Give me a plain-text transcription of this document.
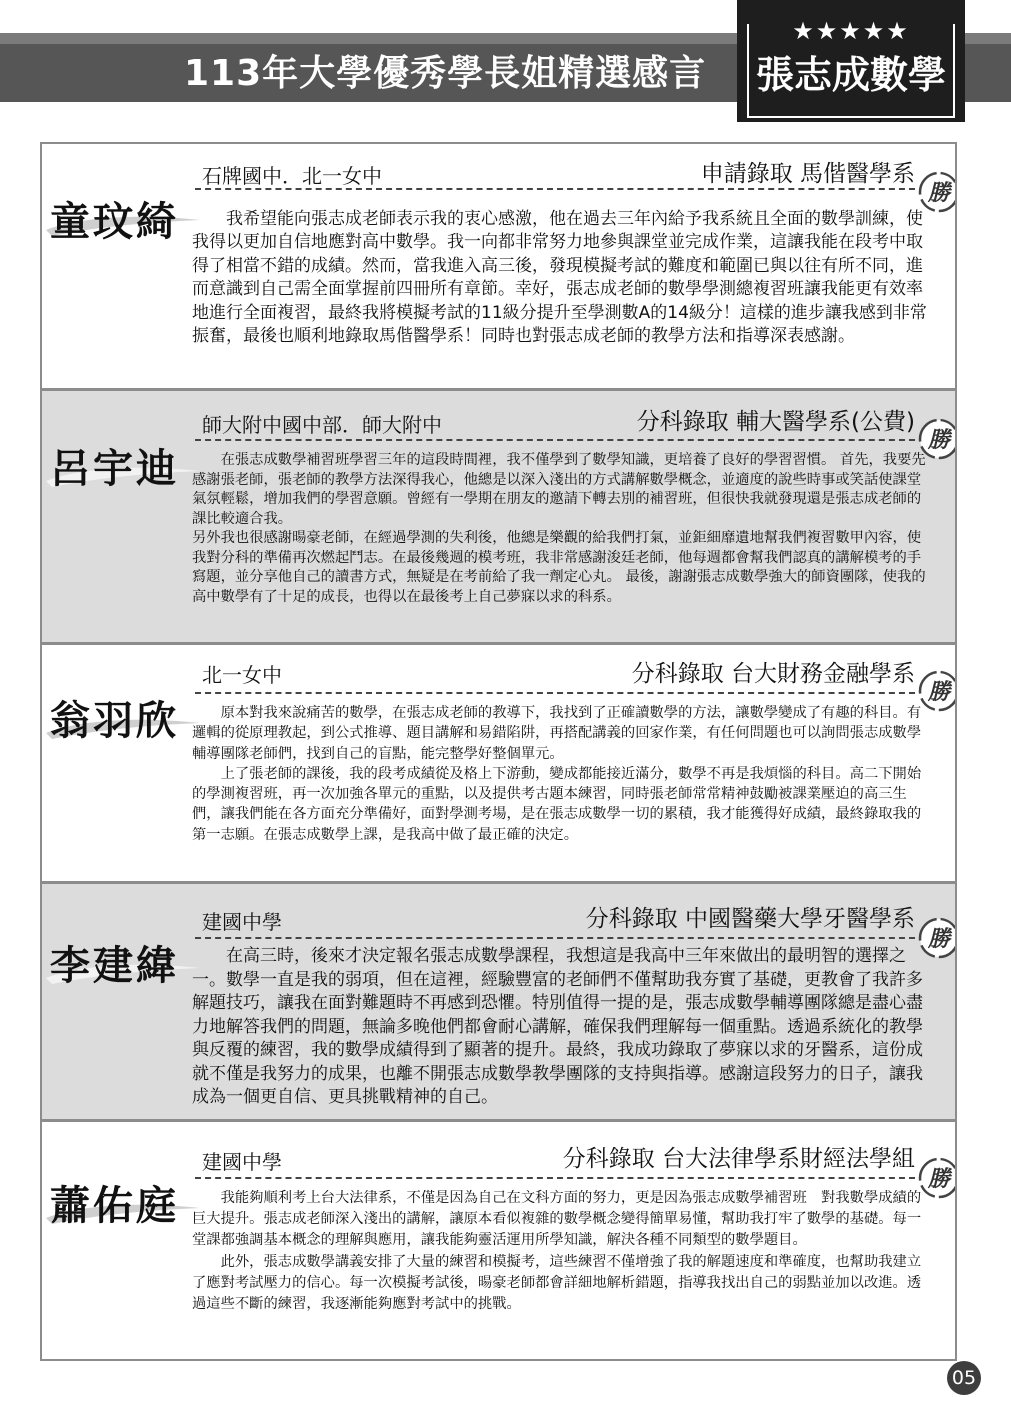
113年大學優秀學長姐精選感言
★★★★★
張志成數學
石牌國中．北一女中	申請錄取 馬偕醫學系
童玟綺
勝

　　我希望能向張志成老師表示我的衷心感激，他在過去三年內給予我系統且全面的數學訓練，使我得以更加自信地應對高中數學。我一向都非常努力地參與課堂並完成作業，這讓我能在段考中取得了相當不錯的成績。然而，當我進入高三後，發現模擬考試的難度和範圍已與以往有所不同，進而意識到自己需全面掌握前四冊所有章節。幸好，張志成老師的數學學測總複習班讓我能更有效率地進行全面複習，最終我將模擬考試的11級分提升至學測數A的14級分！這樣的進步讓我感到非常振奮，最後也順利地錄取馬偕醫學系！同時也對張志成老師的教學方法和指導深表感謝。

師大附中國中部．師大附中	分科錄取 輔大醫學系(公費)
呂宇迪
勝

　　在張志成數學補習班學習三年的這段時間裡，我不僅學到了數學知識，更培養了良好的學習習慣。 首先，我要先感謝張老師，張老師的教學方法深得我心，他總是以深入淺出的方式講解數學概念，並適度的說些時事或笑話使課堂氣氛輕鬆，增加我們的學習意願。曾經有一學期在朋友的邀請下轉去別的補習班，但很快我就發現還是張志成老師的課比較適合我。
另外我也很感謝暘豪老師，在經過學測的失利後，他總是樂觀的給我們打氣，並鉅細靡遺地幫我們複習數甲內容，使我對分科的準備再次燃起鬥志。在最後幾週的模考班，我非常感謝浚廷老師，他每週都會幫我們認真的講解模考的手寫題，並分享他自己的讀書方式，無疑是在考前給了我一劑定心丸。 最後，謝謝張志成數學強大的師資團隊，使我的高中數學有了十足的成長，也得以在最後考上自己夢寐以求的科系。

北一女中	分科錄取 台大財務金融學系
翁羽欣
勝

　　原本對我來說痛苦的數學，在張志成老師的教導下，我找到了正確讀數學的方法，讓數學變成了有趣的科目。有邏輯的從原理教起，到公式推導、題目講解和易錯陷阱，再搭配講義的回家作業，有任何問題也可以詢問張志成數學輔導團隊老師們，找到自己的盲點，能完整學好整個單元。
　　上了張老師的課後，我的段考成績從及格上下游動，變成都能接近滿分，數學不再是我煩惱的科目。高二下開始的學測複習班，再一次加強各單元的重點，以及提供考古題本練習，同時張老師常常精神鼓勵被課業壓迫的高三生們，讓我們能在各方面充分準備好，面對學測考場，是在張志成數學一切的累積，我才能獲得好成績，最終錄取我的第一志願。在張志成數學上課，是我高中做了最正確的決定。

建國中學	分科錄取 中國醫藥大學牙醫學系
李建緯
勝

　　在高三時，後來才決定報名張志成數學課程，我想這是我高中三年來做出的最明智的選擇之一。數學一直是我的弱項，但在這裡，經驗豐富的老師們不僅幫助我夯實了基礎，更教會了我許多解題技巧，讓我在面對難題時不再感到恐懼。特別值得一提的是，張志成數學輔導團隊總是盡心盡力地解答我們的問題，無論多晚他們都會耐心講解，確保我們理解每一個重點。透過系統化的教學與反覆的練習，我的數學成績得到了顯著的提升。最終，我成功錄取了夢寐以求的牙醫系，這份成就不僅是我努力的成果，也離不開張志成數學教學團隊的支持與指導。感謝這段努力的日子，讓我成為一個更自信、更具挑戰精神的自己。

建國中學	分科錄取 台大法律學系財經法學組
蕭佑庭
勝

　　我能夠順利考上台大法律系，不僅是因為自己在文科方面的努力，更是因為張志成數學補習班　對我數學成績的巨大提升。張志成老師深入淺出的講解，讓原本看似複雜的數學概念變得簡單易懂，幫助我打牢了數學的基礎。每一堂課都強調基本概念的理解與應用，讓我能夠靈活運用所學知識，解決各種不同類型的數學題目。
　　此外，張志成數學講義安排了大量的練習和模擬考，這些練習不僅增強了我的解題速度和準確度，也幫助我建立了應對考試壓力的信心。每一次模擬考試後，暘豪老師都會詳細地解析錯題，指導我找出自己的弱點並加以改進。透過這些不斷的練習，我逐漸能夠應對考試中的挑戰。

05
